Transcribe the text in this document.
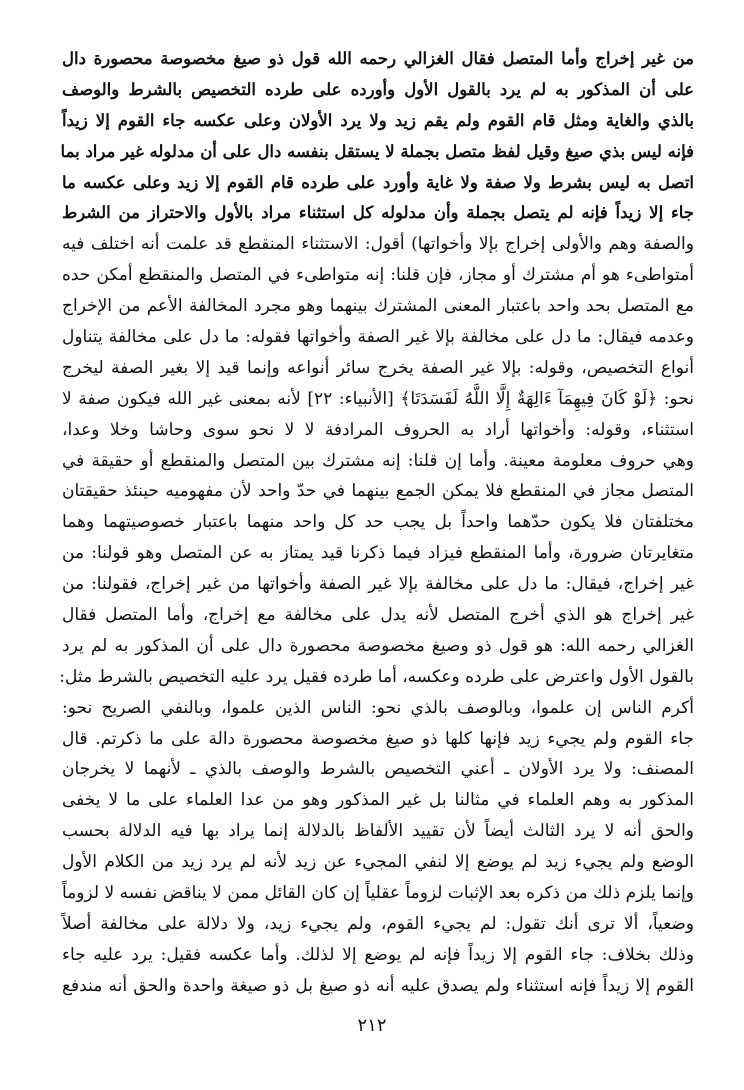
من غير إخراج وأما المتصل فقال الغزالي رحمه الله قول ذو صيغ مخصوصة محصورة دال
على أن المذكور به لم يرد بالقول الأول وأورده على طرده التخصيص بالشرط والوصف
بالذي والغاية ومثل قام القوم ولم يقم زيد ولا يرد الأولان وعلى عكسه جاء القوم إلا زيداً
فإنه ليس بذي صيغ وقيل لفظ متصل بجملة لا يستقل بنفسه دال على أن مدلوله غير مراد بما
اتصل به ليس بشرط ولا صفة ولا غاية وأورد على طرده قام القوم إلا زيد وعلى عكسه ما
جاء إلا زيداً فإنه لم يتصل بجملة وأن مدلوله كل استثناء مراد بالأول والاحتراز من الشرط
والصفة وهم والأولى إخراج بإلا وأخواتها) أقول: الاستثناء المنقطع قد علمت أنه اختلف فيه
أمتواطىء هو أم مشترك أو مجاز، فإن قلنا: إنه متواطىء في المتصل والمنقطع أمكن حده
مع المتصل بحد واحد باعتبار المعنى المشترك بينهما وهو مجرد المخالفة الأعم من الإخراج
وعدمه فيقال: ما دل على مخالفة بإلا غير الصفة وأخواتها فقوله: ما دل على مخالفة يتناول
أنواع التخصيص، وقوله: بإلا غير الصفة يخرج سائر أنواعه وإنما قيد إلا بغير الصفة ليخرج
نحو: ﴿لَوْ كَانَ فِيهِمَآ ءَالِهَةٌ إِلَّا اللَّهُ لَفَسَدَتَا﴾ [الأنبياء: ٢٢] لأنه بمعنى غير الله فيكون صفة لا
استثناء، وقوله: وأخواتها أراد به الحروف المرادفة لا لا نحو سوى وحاشا وخلا وعدا،
وهي حروف معلومة معينة. وأما إن قلنا: إنه مشترك بين المتصل والمنقطع أو حقيقة في
المتصل مجاز في المنقطع فلا يمكن الجمع بينهما في حدّ واحد لأن مفهوميه حينئذ حقيقتان
مختلفتان فلا يكون حدّهما واحداً بل يجب حد كل واحد منهما باعتبار خصوصيتهما وهما
متغايرتان ضرورة، وأما المنقطع فيزاد فيما ذكرنا قيد يمتاز به عن المتصل وهو قولنا: من
غير إخراج، فيقال: ما دل على مخالفة بإلا غير الصفة وأخواتها من غير إخراج، فقولنا: من
غير إخراج هو الذي أخرج المتصل لأنه يدل على مخالفة مع إخراج، وأما المتصل فقال
الغزالي رحمه الله: هو قول ذو وصيغ مخصوصة محصورة دال على أن المذكور به لم يرد
بالقول الأول واعترض على طرده وعكسه، أما طرده فقيل يرد عليه التخصيص بالشرط مثل:
أكرم الناس إن علموا، وبالوصف بالذي نحو: الناس الذين علموا، وبالنفي الصريح نحو:
جاء القوم ولم يجيء زيد فإنها كلها ذو صيغ مخصوصة محصورة دالة على ما ذكرتم. قال
المصنف: ولا يرد الأولان ـ أعني التخصيص بالشرط والوصف بالذي ـ لأنهما لا يخرجان
المذكور به وهم العلماء في مثالنا بل غير المذكور وهو من عدا العلماء على ما لا يخفى
والحق أنه لا يرد الثالث أيضاً لأن تقييد الألفاظ بالدلالة إنما يراد بها فيه الدلالة بحسب
الوضع ولم يجيء زيد لم يوضع إلا لنفي المجيء عن زيد لأنه لم يرد زيد من الكلام الأول
وإنما يلزم ذلك من ذكره بعد الإثبات لزوماً عقلياً إن كان القائل ممن لا يناقض نفسه لا لزوماً
وضعياً، ألا ترى أنك تقول: لم يجيء القوم، ولم يجيء زيد، ولا دلالة على مخالفة أصلاً
وذلك بخلاف: جاء القوم إلا زيداً فإنه لم يوضع إلا لذلك. وأما عكسه فقيل: يرد عليه جاء
القوم إلا زيداً فإنه استثناء ولم يصدق عليه أنه ذو صيغ بل ذو صيغة واحدة والحق أنه مندفع
٢١٢
